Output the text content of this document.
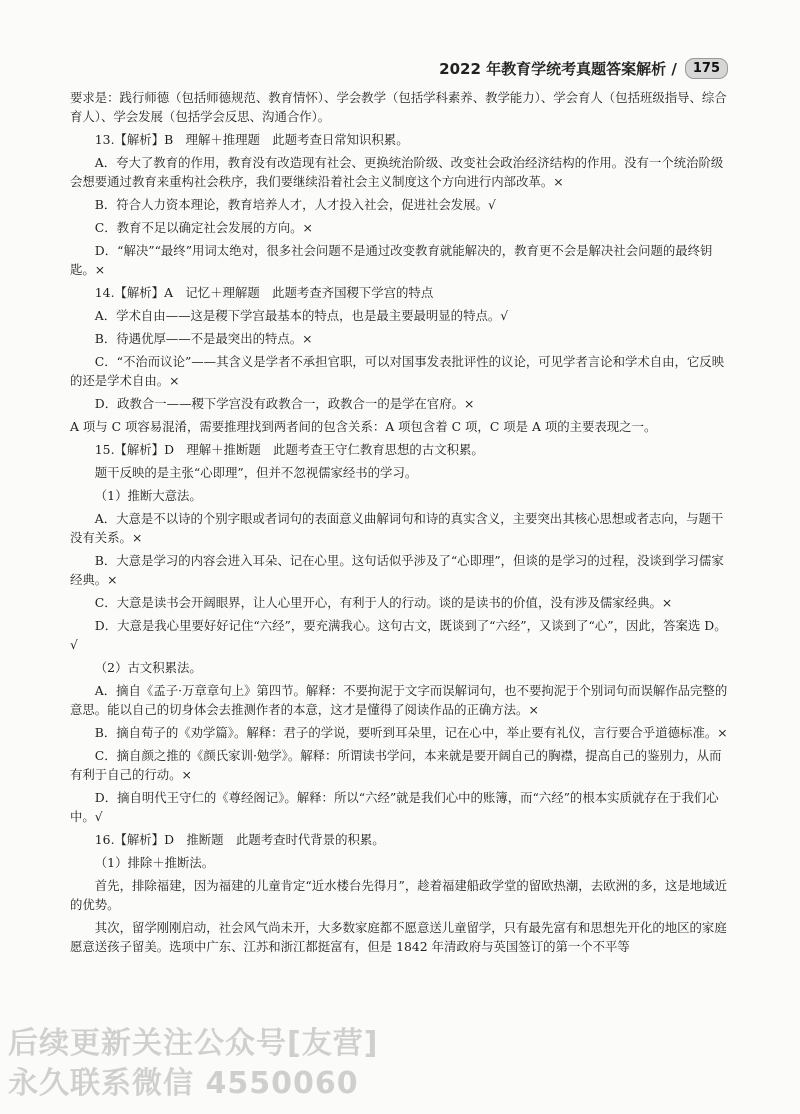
2022 年教育学统考真题答案解析 /	175

要求是：践行师德（包括师德规范、教育情怀）、学会教学（包括学科素养、教学能力）、学会育人（包括班级指导、综合育人）、学会发展（包括学会反思、沟通合作）。

13.【解析】B　理解＋推理题　此题考查日常知识积累。

A．夸大了教育的作用，教育没有改造现有社会、更换统治阶级、改变社会政治经济结构的作用。没有一个统治阶级会想要通过教育来重构社会秩序，我们要继续沿着社会主义制度这个方向进行内部改革。×

B．符合人力资本理论，教育培养人才，人才投入社会，促进社会发展。√

C．教育不足以确定社会发展的方向。×

D．“解决”“最终”用词太绝对，很多社会问题不是通过改变教育就能解决的，教育更不会是解决社会问题的最终钥匙。×

14.【解析】A　记忆＋理解题　此题考查齐国稷下学宫的特点

A．学术自由——这是稷下学宫最基本的特点，也是最主要最明显的特点。√

B．待遇优厚——不是最突出的特点。×

C．“不治而议论”——其含义是学者不承担官职，可以对国事发表批评性的议论，可见学者言论和学术自由，它反映的还是学术自由。×

D．政教合一——稷下学宫没有政教合一，政教合一的是学在官府。×

A 项与 C 项容易混淆，需要推理找到两者间的包含关系：A 项包含着 C 项，C 项是 A 项的主要表现之一。

15.【解析】D　理解＋推断题　此题考查王守仁教育思想的古文积累。

题干反映的是主张“心即理”，但并不忽视儒家经书的学习。

（1）推断大意法。

A．大意是不以诗的个别字眼或者词句的表面意义曲解词句和诗的真实含义，主要突出其核心思想或者志向，与题干没有关系。×

B．大意是学习的内容会进入耳朵、记在心里。这句话似乎涉及了“心即理”，但谈的是学习的过程，没谈到学习儒家经典。×

C．大意是读书会开阔眼界，让人心里开心，有利于人的行动。谈的是读书的价值，没有涉及儒家经典。×

D．大意是我心里要好好记住“六经”，要充满我心。这句古文，既谈到了“六经”，又谈到了“心”，因此，答案选 D。√

（2）古文积累法。

A．摘自《孟子·万章章句上》第四节。解释：不要拘泥于文字而误解词句，也不要拘泥于个别词句而误解作品完整的意思。能以自己的切身体会去推测作者的本意，这才是懂得了阅读作品的正确方法。×

B．摘自荀子的《劝学篇》。解释：君子的学说，要听到耳朵里，记在心中，举止要有礼仪，言行要合乎道德标准。×

C．摘自颜之推的《颜氏家训·勉学》。解释：所谓读书学问，本来就是要开阔自己的胸襟，提高自己的鉴别力，从而有利于自己的行动。×

D．摘自明代王守仁的《尊经阁记》。解释：所以“六经”就是我们心中的账簿，而“六经”的根本实质就存在于我们心中。√

16.【解析】D　推断题　此题考查时代背景的积累。

（1）排除＋推断法。

首先，排除福建，因为福建的儿童肯定“近水楼台先得月”，趁着福建船政学堂的留欧热潮，去欧洲的多，这是地域近的优势。

其次，留学刚刚启动，社会风气尚未开，大多数家庭都不愿意送儿童留学，只有最先富有和思想先开化的地区的家庭愿意送孩子留美。选项中广东、江苏和浙江都挺富有，但是 1842 年清政府与英国签订的第一个不平等

后续更新关注公众号[友营]
永久联系微信 4550060
